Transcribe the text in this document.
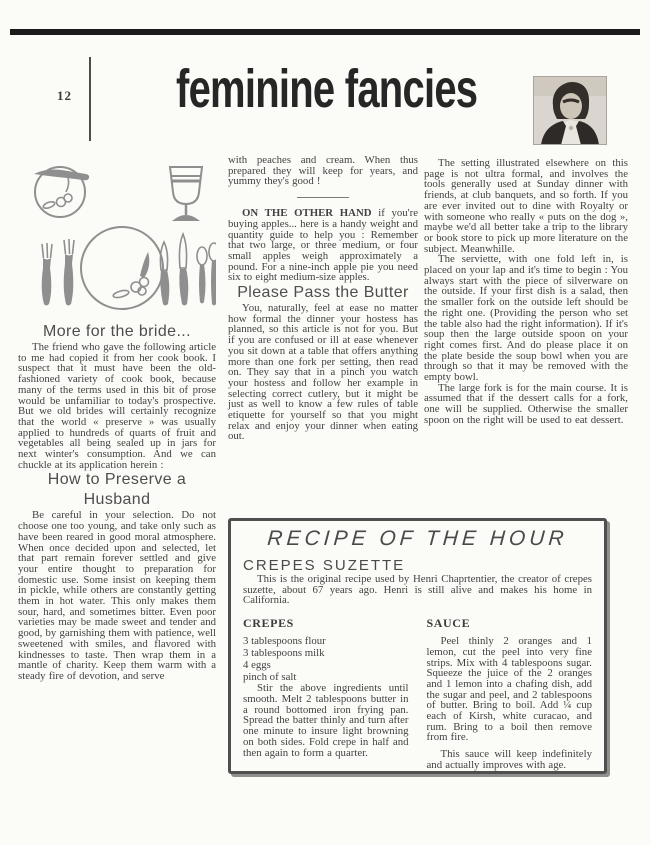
12 feminine fancies
More for the bride...

The friend who gave the following article to me had copied it from her cook book. I suspect that it must have been the old-fashioned variety of cook book, because many of the terms used in this bit of prose would be unfamiliar to today's prospective. But we old brides will certainly recognize that the world « preserve » was usually applied to hundreds of quarts of fruit and vegetables all being sealed up in jars for next winter's consumption. And we can chuckle at its application herein :

How to Preserve a Husband

Be careful in your selection. Do not choose one too young, and take only such as have been reared in good moral atmosphere. When once decided upon and selected, let that part remain forever settled and give your entire thought to preparation for domestic use. Some insist on keeping them in pickle, while others are constantly getting them in hot water. This only makes them sour, hard, and sometimes bitter. Even poor varieties may be made sweet and tender and good, by garnishing them with patience, well sweetened with smiles, and flavored with kindnesses to taste. Then wrap them in a mantle of charity. Keep them warm with a steady fire of devotion, and serve

with peaches and cream. When thus prepared they will keep for years, and yummy they's good !

ON THE OTHER HAND if you're buying apples... here is a handy weight and quantity guide to help you : Remember that two large, or three medium, or four small apples weigh approximately a pound. For a nine-inch apple pie you need six to eight medium-size apples.

Please Pass the Butter

You, naturally, feel at ease no matter how formal the dinner your hostess has planned, so this article is not for you. But if you are confused or ill at ease whenever you sit down at a table that offers anything more than one fork per setting, then read on. They say that in a pinch you watch your hostess and follow her example in selecting correct cutlery, but it might be just as well to know a few rules of table etiquette for yourself so that you might relax and enjoy your dinner when eating out.

The setting illustrated elsewhere on this page is not ultra formal, and involves the tools generally used at Sunday dinner with friends, at club banquets, and so forth. If you are ever invited out to dine with Royalty or with someone who really « puts on the dog », maybe we'd all better take a trip to the library or book store to pick up more literature on the subject. Meanwhille.

The serviette, with one fold left in, is placed on your lap and it's time to begin : You always start with the piece of silverware on the outside. If your first dish is a salad, then the smaller fork on the outside left should be the right one. (Providing the person who set the table also had the right information). If it's soup then the large outside spoon on your right comes first. And do please place it on the plate beside the soup bowl when you are through so that it may be removed with the empty bowl.

The large fork is for the main course. It is assumed that if the dessert calls for a fork, one will be supplied. Otherwise the smaller spoon on the right will be used to eat dessert.

RECIPE OF THE HOUR
CREPES SUZETTE

This is the original recipe used by Henri Chaprtentier, the creator of crepes suzette, about 67 years ago. Henri is still alive and makes his home in California.

CREPES
3 tablespoons flour
3 tablespoons milk
4 eggs
pinch of salt

Stir the above ingredients until smooth. Melt 2 tablespoons butter in a round bottomed iron frying pan. Spread the batter thinly and turn after one minute to insure light browning on both sides. Fold crepe in half and then again to form a quarter.

SAUCE

Peel thinly 2 oranges and 1 lemon, cut the peel into very fine strips. Mix with 4 tablespoons sugar. Squeeze the juice of the 2 oranges and 1 lemon into a chafing dish, add the sugar and peel, and 2 tablespoons of butter. Bring to boil. Add ¼ cup each of Kirsh, white curacao, and rum. Bring to a boil then remove from fire.

This sauce will keep indefinitely and actually improves with age.
